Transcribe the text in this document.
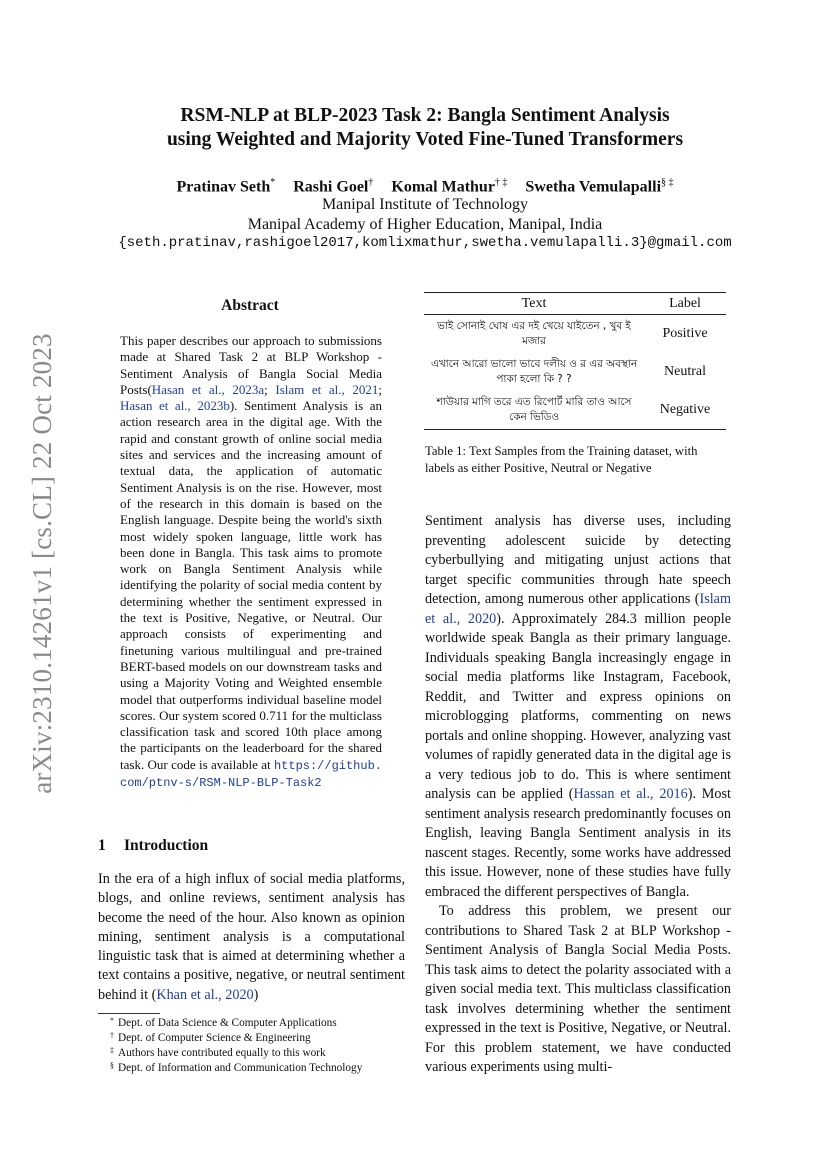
arXiv:2310.14261v1 [cs.CL] 22 Oct 2023
RSM-NLP at BLP-2023 Task 2: Bangla Sentiment Analysis
using Weighted and Majority Voted Fine-Tuned Transformers
Pratinav Seth* Rashi Goel† Komal Mathur† ‡ Swetha Vemulapalli§ ‡
Manipal Institute of Technology
Manipal Academy of Higher Education, Manipal, India
{seth.pratinav,rashigoel2017,komlixmathur,swetha.vemulapalli.3}@gmail.com
Abstract
This paper describes our approach to submissions made at Shared Task 2 at BLP Workshop - Sentiment Analysis of Bangla Social Media Posts(Hasan et al., 2023a; Islam et al., 2021; Hasan et al., 2023b). Sentiment Analysis is an action research area in the digital age. With the rapid and constant growth of online social media sites and services and the increasing amount of textual data, the application of automatic Sentiment Analysis is on the rise. However, most of the research in this domain is based on the English language. Despite being the world's sixth most widely spoken language, little work has been done in Bangla. This task aims to promote work on Bangla Sentiment Analysis while identifying the polarity of social media content by determining whether the sentiment expressed in the text is Positive, Negative, or Neutral. Our approach consists of experimenting and finetuning various multilingual and pre-trained BERT-based models on our downstream tasks and using a Majority Voting and Weighted ensemble model that outperforms individual baseline model scores. Our system scored 0.711 for the multiclass classification task and scored 10th place among the participants on the leaderboard for the shared task. Our code is available at https://github.com/ptnv-s/RSM-NLP-BLP-Task2
1 Introduction
In the era of a high influx of social media platforms, blogs, and online reviews, sentiment analysis has become the need of the hour. Also known as opinion mining, sentiment analysis is a computational linguistic task that is aimed at determining whether a text contains a positive, negative, or neutral sentiment behind it (Khan et al., 2020)
* Dept. of Data Science & Computer Applications
† Dept. of Computer Science & Engineering
‡ Authors have contributed equally to this work
§ Dept. of Information and Communication Technology
Text	Label
ভাই সোনাই ঘোষ এর দই খেয়ে যাইতেন , খুব ই মজার	Positive
এখানে আরো ভালো ভাবে দলীয় ও র এর অবস্থান পাকা হলো কি ? ?	Neutral
শাউয়ার মাগি তরে এত রিপোর্ট মারি তাও আসে কেন ভিডিও	Negative
Table 1: Text Samples from the Training dataset, with labels as either Positive, Neutral or Negative

Sentiment analysis has diverse uses, including preventing adolescent suicide by detecting cyberbullying and mitigating unjust actions that target specific communities through hate speech detection, among numerous other applications (Islam et al., 2020). Approximately 284.3 million people worldwide speak Bangla as their primary language. Individuals speaking Bangla increasingly engage in social media platforms like Instagram, Facebook, Reddit, and Twitter and express opinions on microblogging platforms, commenting on news portals and online shopping. However, analyzing vast volumes of rapidly generated data in the digital age is a very tedious job to do. This is where sentiment analysis can be applied (Hassan et al., 2016). Most sentiment analysis research predominantly focuses on English, leaving Bangla Sentiment analysis in its nascent stages. Recently, some works have addressed this issue. However, none of these studies have fully embraced the different perspectives of Bangla.

To address this problem, we present our contributions to Shared Task 2 at BLP Workshop - Sentiment Analysis of Bangla Social Media Posts. This task aims to detect the polarity associated with a given social media text. This multiclass classification task involves determining whether the sentiment expressed in the text is Positive, Negative, or Neutral. For this problem statement, we have conducted various experiments using multi-
